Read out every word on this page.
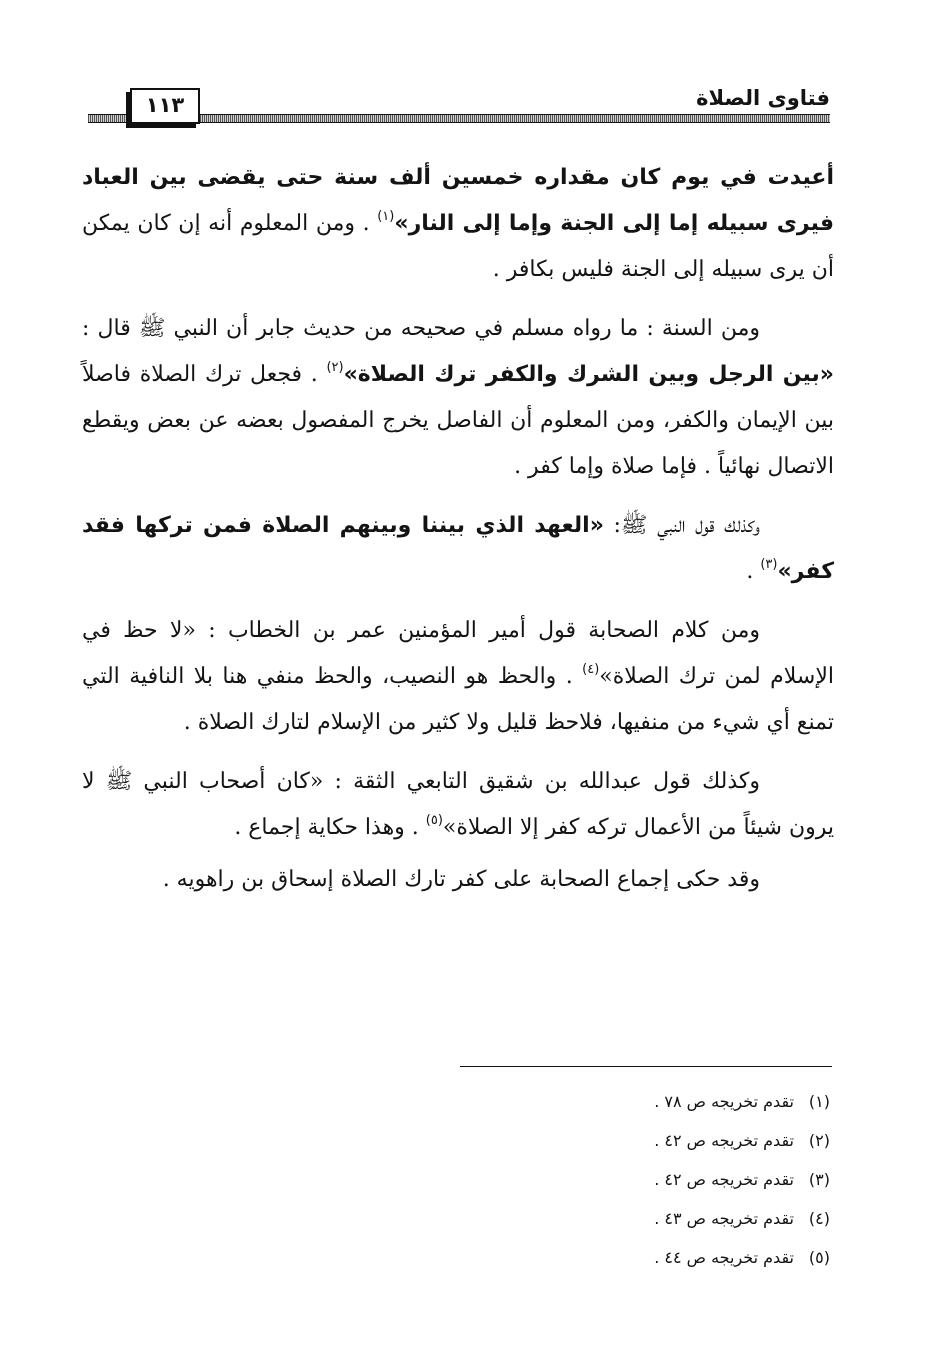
١١٣	فتاوى الصلاة

أعيدت في يوم كان مقداره خمسين ألف سنة حتى يقضى بين العباد فيرى سبيله إما إلى الجنة وإما إلى النار»$^{(١)}$ . ومن المعلوم أنه إن كان يمكن أن يرى سبيله إلى الجنة فليس بكافر .

ومن السنة : ما رواه مسلم في صحيحه من حديث جابر أن النبي ﷺ قال : «بين الرجل وبين الشرك والكفر ترك الصلاة»$^{(٢)}$ . فجعل ترك الصلاة فاصلاً بين الإيمان والكفر، ومن المعلوم أن الفاصل يخرج المفصول بعضه عن بعض ويقطع الاتصال نهائياً . فإما صلاة وإما كفر .

وكذلك قول النبي ﷺ: «العهد الذي بيننا وبينهم الصلاة فمن تركها فقد كفر»$^{(٣)}$ .

ومن كلام الصحابة قول أمير المؤمنين عمر بن الخطاب : «لا حظ في الإسلام لمن ترك الصلاة»$^{(٤)}$ . والحظ هو النصيب، والحظ منفي هنا بلا النافية التي تمنع أي شيء من منفيها، فلاحظ قليل ولا كثير من الإسلام لتارك الصلاة .

وكذلك قول عبدالله بن شقيق التابعي الثقة : «كان أصحاب النبي ﷺ لا يرون شيئاً من الأعمال تركه كفر إلا الصلاة»$^{(٥)}$ . وهذا حكاية إجماع .

وقد حكى إجماع الصحابة على كفر تارك الصلاة إسحاق بن راهويه .

(١)تقدم تخريجه ص ٧٨ .
(٢)تقدم تخريجه ص ٤٢ .
(٣)تقدم تخريجه ص ٤٢ .
(٤)تقدم تخريجه ص ٤٣ .
(٥)تقدم تخريجه ص ٤٤ .
